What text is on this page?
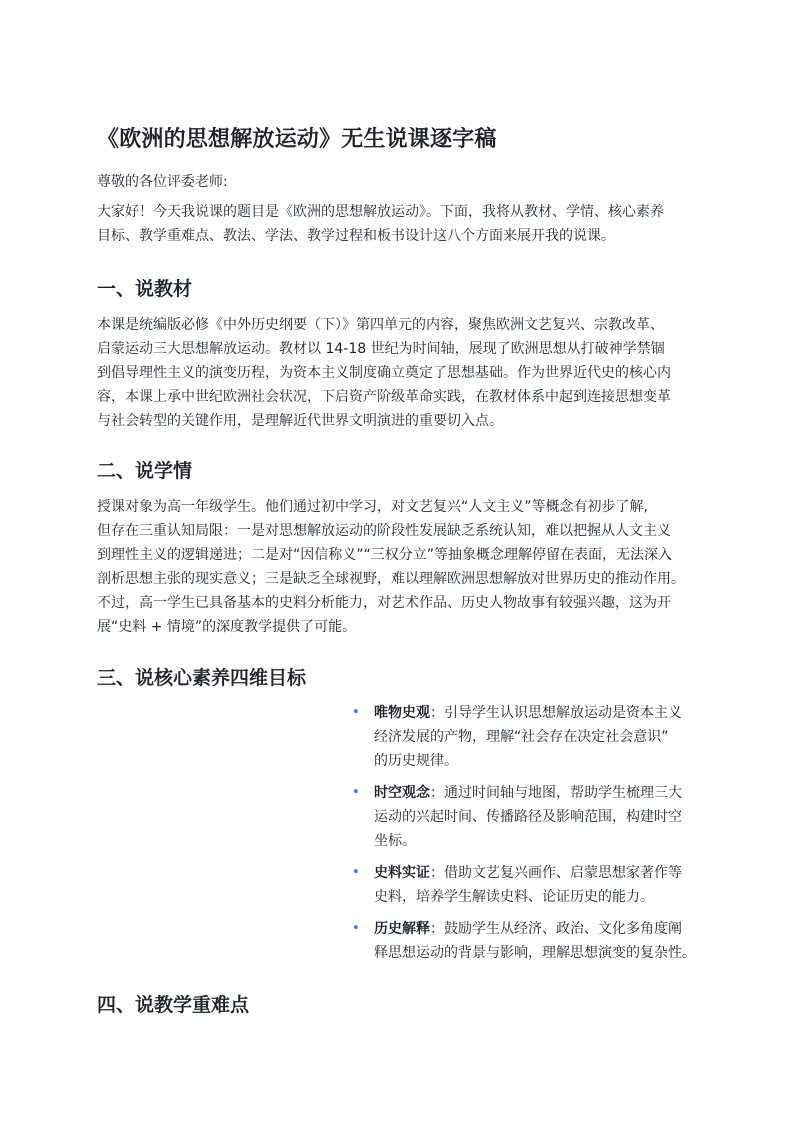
《欧洲的思想解放运动》无生说课逐字稿
尊敬的各位评委老师:
大家好！今天我说课的题目是《欧洲的思想解放运动》。下面，我将从教材、学情、核心素养
目标、教学重难点、教法、学法、教学过程和板书设计这八个方面来展开我的说课。
一、说教材
本课是统编版必修《中外历史纲要（下）》第四单元的内容，聚焦欧洲文艺复兴、宗教改革、
启蒙运动三大思想解放运动。教材以 14-18 世纪为时间轴，展现了欧洲思想从打破神学禁锢
到倡导理性主义的演变历程，为资本主义制度确立奠定了思想基础。作为世界近代史的核心内
容，本课上承中世纪欧洲社会状况，下启资产阶级革命实践，在教材体系中起到连接思想变革
与社会转型的关键作用，是理解近代世界文明演进的重要切入点。
二、说学情
授课对象为高一年级学生。他们通过初中学习，对文艺复兴“人文主义”等概念有初步了解,
但存在三重认知局限：一是对思想解放运动的阶段性发展缺乏系统认知，难以把握从人文主义
到理性主义的逻辑递进；二是对“因信称义”“三权分立”等抽象概念理解停留在表面，无法深入
剖析思想主张的现实意义；三是缺乏全球视野，难以理解欧洲思想解放对世界历史的推动作用。
不过，高一学生已具备基本的史料分析能力，对艺术作品、历史人物故事有较强兴趣，这为开
展“史料 + 情境”的深度教学提供了可能。
三、说核心素养四维目标
• 唯物史观：引导学生认识思想解放运动是资本主义
经济发展的产物，理解“社会存在决定社会意识”
的历史规律。
• 时空观念：通过时间轴与地图，帮助学生梳理三大
运动的兴起时间、传播路径及影响范围，构建时空
坐标。
• 史料实证：借助文艺复兴画作、启蒙思想家著作等
史料，培养学生解读史料、论证历史的能力。
• 历史解释：鼓励学生从经济、政治、文化多角度阐
释思想运动的背景与影响，理解思想演变的复杂性。
四、说教学重难点
